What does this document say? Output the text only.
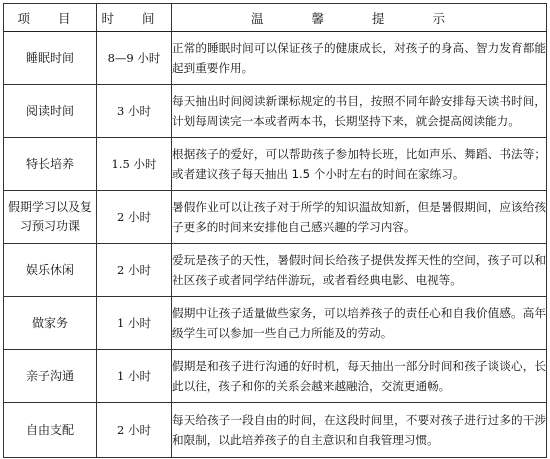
项 目	时 间	温 馨 提 示
睡眠时间	8—9 小时	正常的睡眠时间可以保证孩子的健康成长，对孩子的身高、智力发育都能起到重要作用。
阅读时间	3 小时	每天抽出时间阅读新课标规定的书目，按照不同年龄安排每天读书时间，计划每周读完一本或者两本书，长期坚持下来，就会提高阅读能力。
特长培养	1.5 小时	根据孩子的爱好，可以帮助孩子参加特长班，比如声乐、舞蹈、书法等；或者建议孩子每天抽出 1.5 个小时左右的时间在家练习。
假期学习以及复习预习功课	2 小时	暑假作业可以让孩子对于所学的知识温故知新，但是暑假期间，应该给孩子更多的时间来安排他自己感兴趣的学习内容。
娱乐休闲	2 小时	爱玩是孩子的天性，暑假时间长给孩子提供发挥天性的空间，孩子可以和社区孩子或者同学结伴游玩，或者看经典电影、电视等。
做家务	1 小时	假期中让孩子适量做些家务，可以培养孩子的责任心和自我价值感。高年级学生可以参加一些自己力所能及的劳动。
亲子沟通	1 小时	假期是和孩子进行沟通的好时机，每天抽出一部分时间和孩子谈谈心，长此以往，孩子和你的关系会越来越融洽，交流更通畅。
自由支配	2 小时	每天给孩子一段自由的时间，在这段时间里，不要对孩子进行过多的干涉和限制，以此培养孩子的自主意识和自我管理习惯。
